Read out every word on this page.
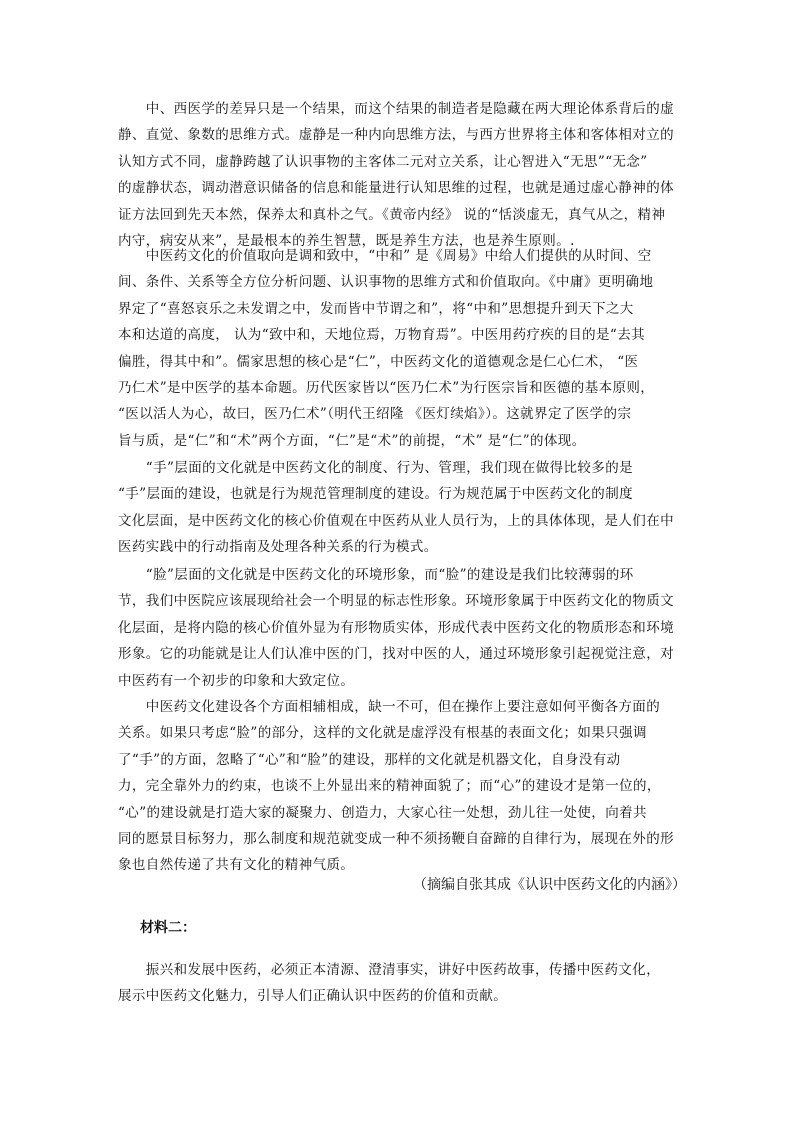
　　中、西医学的差异只是一个结果，而这个结果的制造者是隐藏在两大理论体系背后的虚
静、直觉、象数的思维方式。虚静是一种内向思维方法，与西方世界将主体和客体相对立的
认知方式不同，虚静跨越了认识事物的主客体二元对立关系，让心智进入“无思”“无念”
的虚静状态，调动潜意识储备的信息和能量进行认知思维的过程，也就是通过虚心静神的体
证方法回到先天本然，保养太和真朴之气。《黄帝内经》 说的“恬淡虚无，真气从之，精神
内守，病安从来”，是最根本的养生智慧，既是养生方法，也是养生原则。.
　　中医药文化的价值取向是调和致中，“中和” 是《周易》中给人们提供的从时间、空
间、条件、关系等全方位分析问题、认识事物的思维方式和价值取向。《中庸》更明确地
界定了“喜怒哀乐之未发谓之中，发而皆中节谓之和”，将“中和”思想提升到天下之大
本和达道的高度， 认为“致中和，天地位焉，万物育焉”。中医用药疗疾的目的是“去其
偏胜，得其中和”。儒家思想的核心是“仁”，中医药文化的道德观念是仁心仁术， “医
乃仁术”是中医学的基本命题。历代医家皆以“医乃仁术”为行医宗旨和医德的基本原则，
“医以活人为心，故曰，医乃仁术”（明代王绍隆 《医灯续焰》）。这就界定了医学的宗
旨与质，是“仁”和“术”两个方面，“仁”是“术”的前提，“术” 是“仁”的体现。
　　“手”层面的文化就是中医药文化的制度、行为、管理，我们现在做得比较多的是
“手”层面的建设，也就是行为规范管理制度的建设。行为规范属于中医药文化的制度
文化层面，是中医药文化的核心价值观在中医药从业人员行为，上的具体体现，是人们在中
医药实践中的行动指南及处理各种关系的行为模式。
　　“脸”层面的文化就是中医药文化的环境形象，而“脸”的建设是我们比较薄弱的环
节，我们中医院应该展现给社会一个明显的标志性形象。环境形象属于中医药文化的物质文
化层面，是将内隐的核心价值外显为有形物质实体，形成代表中医药文化的物质形态和环境
形象。它的功能就是让人们认准中医的门，找对中医的人，通过环境形象引起视觉注意，对
中医药有一个初步的印象和大致定位。
　　中医药文化建设各个方面相辅相成，缺一不可，但在操作上要注意如何平衡各方面的
关系。如果只考虑“脸”的部分，这样的文化就是虚浮没有根基的表面文化；如果只强调
了“手”的方面，忽略了“心”和“脸”的建设，那样的文化就是机器文化，自身没有动
力，完全靠外力的约束，也谈不上外显出来的精神面貌了；而“心”的建设才是第一位的，
“心”的建设就是打造大家的凝聚力、创造力，大家心往一处想，劲儿往一处使，向着共
同的愿景目标努力，那么制度和规范就变成一种不须扬鞭自奋蹄的自律行为，展现在外的形
象也自然传递了共有文化的精神气质。
（摘编自张其成《认识中医药文化的内涵》）
材料二：
　　振兴和发展中医药，必须正本清源、澄清事实，讲好中医药故事，传播中医药文化，
展示中医药文化魅力，引导人们正确认识中医药的价值和贡献。
